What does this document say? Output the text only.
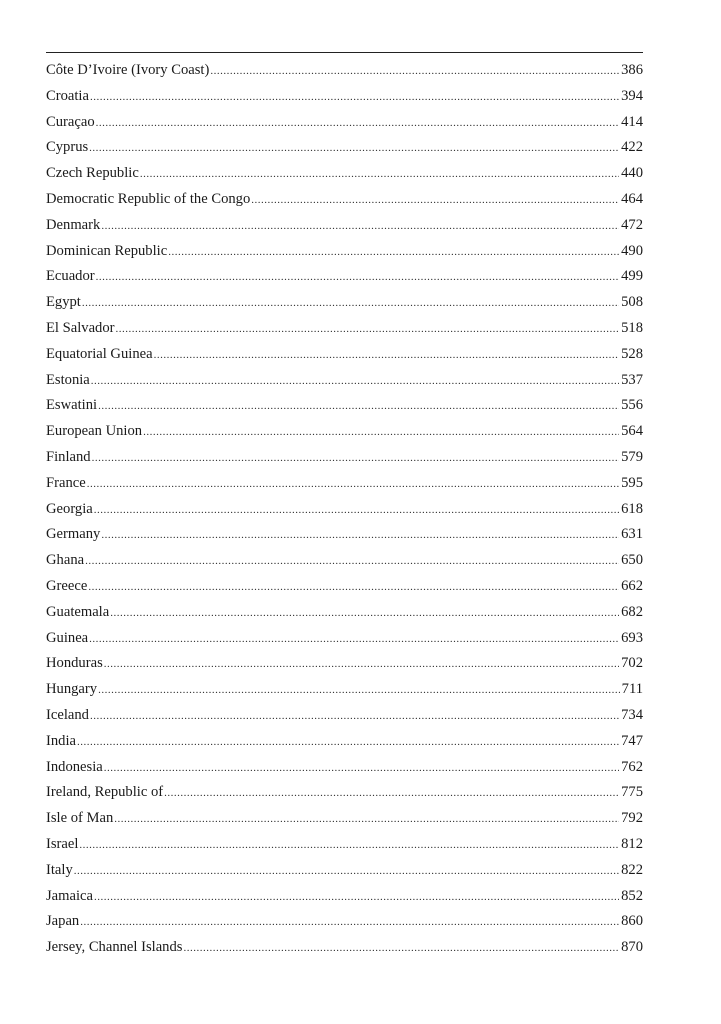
Côte D’Ivoire (Ivory Coast) .....	386
Croatia .....	394
Curaçao .....	414
Cyprus .....	422
Czech Republic .....	440
Democratic Republic of the Congo .....	464
Denmark .....	472
Dominican Republic .....	490
Ecuador .....	499
Egypt .....	508
El Salvador .....	518
Equatorial Guinea .....	528
Estonia .....	537
Eswatini .....	556
European Union .....	564
Finland .....	579
France .....	595
Georgia .....	618
Germany .....	631
Ghana .....	650
Greece .....	662
Guatemala .....	682
Guinea .....	693
Honduras .....	702
Hungary .....	711
Iceland .....	734
India .....	747
Indonesia .....	762
Ireland, Republic of .....	775
Isle of Man .....	792
Israel .....	812
Italy .....	822
Jamaica .....	852
Japan .....	860
Jersey, Channel Islands .....	870
